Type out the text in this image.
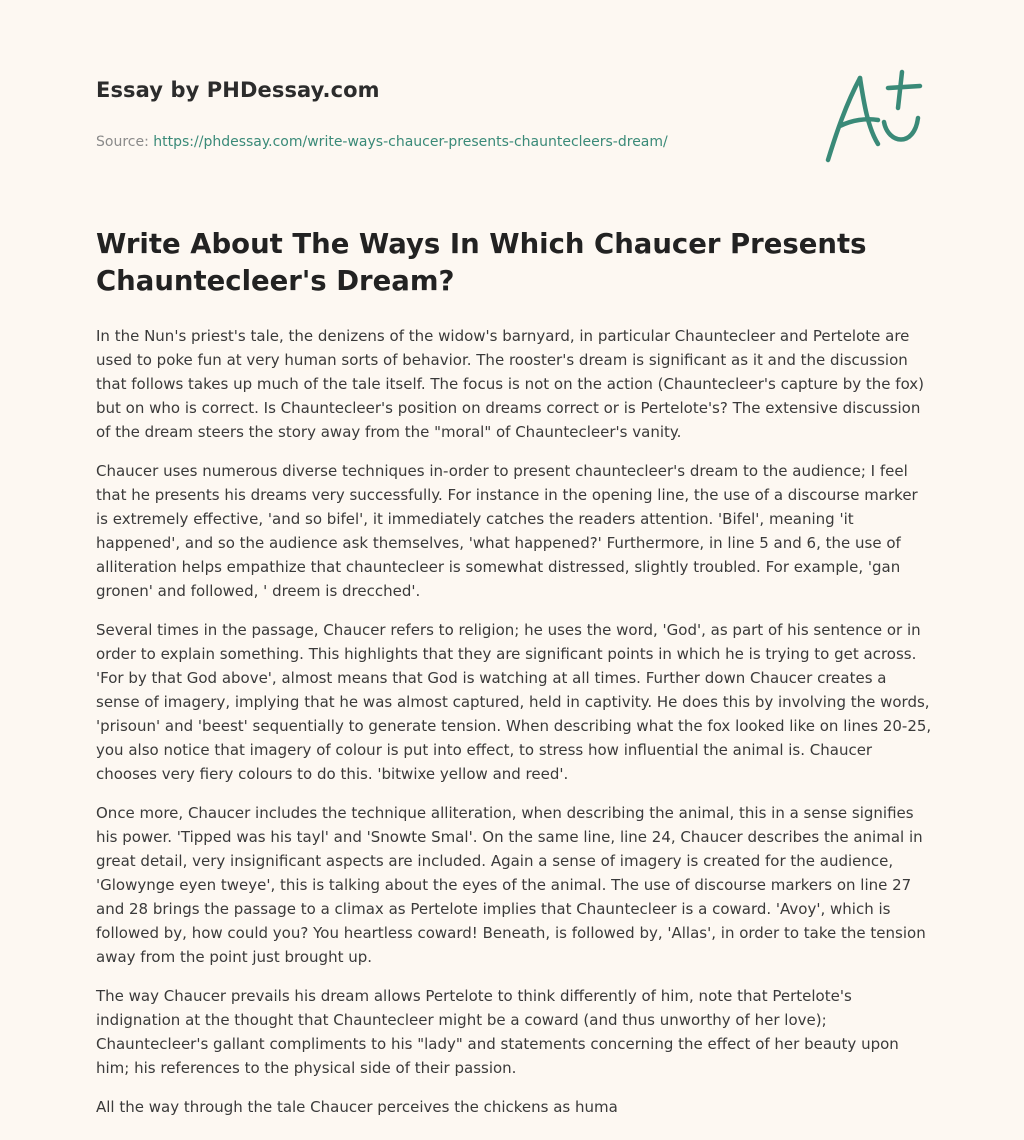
Essay by PHDessay.com
Source: https://phdessay.com/write-ways-chaucer-presents-chauntecleers-dream/
Write About The Ways In Which Chaucer Presents Chauntecleer's Dream?

In the Nun's priest's tale, the denizens of the widow's barnyard, in particular Chauntecleer and Pertelote are used to poke fun at very human sorts of behavior. The rooster's dream is significant as it and the discussion that follows takes up much of the tale itself. The focus is not on the action (Chauntecleer's capture by the fox) but on who is correct. Is Chauntecleer's position on dreams correct or is Pertelote's? The extensive discussion of the dream steers the story away from the "moral" of Chauntecleer's vanity.

Chaucer uses numerous diverse techniques in-order to present chauntecleer's dream to the audience; I feel that he presents his dreams very successfully. For instance in the opening line, the use of a discourse marker is extremely effective, 'and so bifel', it immediately catches the readers attention. 'Bifel', meaning 'it happened', and so the audience ask themselves, 'what happened?' Furthermore, in line 5 and 6, the use of alliteration helps empathize that chauntecleer is somewhat distressed, slightly troubled. For example, 'gan gronen' and followed, ' dreem is drecched'.

Several times in the passage, Chaucer refers to religion; he uses the word, 'God', as part of his sentence or in order to explain something. This highlights that they are significant points in which he is trying to get across. 'For by that God above', almost means that God is watching at all times. Further down Chaucer creates a sense of imagery, implying that he was almost captured, held in captivity. He does this by involving the words, 'prisoun' and 'beest' sequentially to generate tension. When describing what the fox looked like on lines 20-25, you also notice that imagery of colour is put into effect, to stress how influential the animal is. Chaucer chooses very fiery colours to do this. 'bitwixe yellow and reed'.

Once more, Chaucer includes the technique alliteration, when describing the animal, this in a sense signifies his power. 'Tipped was his tayl' and 'Snowte Smal'. On the same line, line 24, Chaucer describes the animal in great detail, very insignificant aspects are included. Again a sense of imagery is created for the audience, 'Glowynge eyen tweye', this is talking about the eyes of the animal. The use of discourse markers on line 27 and 28 brings the passage to a climax as Pertelote implies that Chauntecleer is a coward. 'Avoy', which is followed by, how could you? You heartless coward! Beneath, is followed by, 'Allas', in order to take the tension away from the point just brought up.

The way Chaucer prevails his dream allows Pertelote to think differently of him, note that Pertelote's indignation at the thought that Chauntecleer might be a coward (and thus unworthy of her love); Chauntecleer's gallant compliments to his "lady" and statements concerning the effect of her beauty upon him; his references to the physical side of their passion.

All the way through the tale Chaucer perceives the chickens as huma
